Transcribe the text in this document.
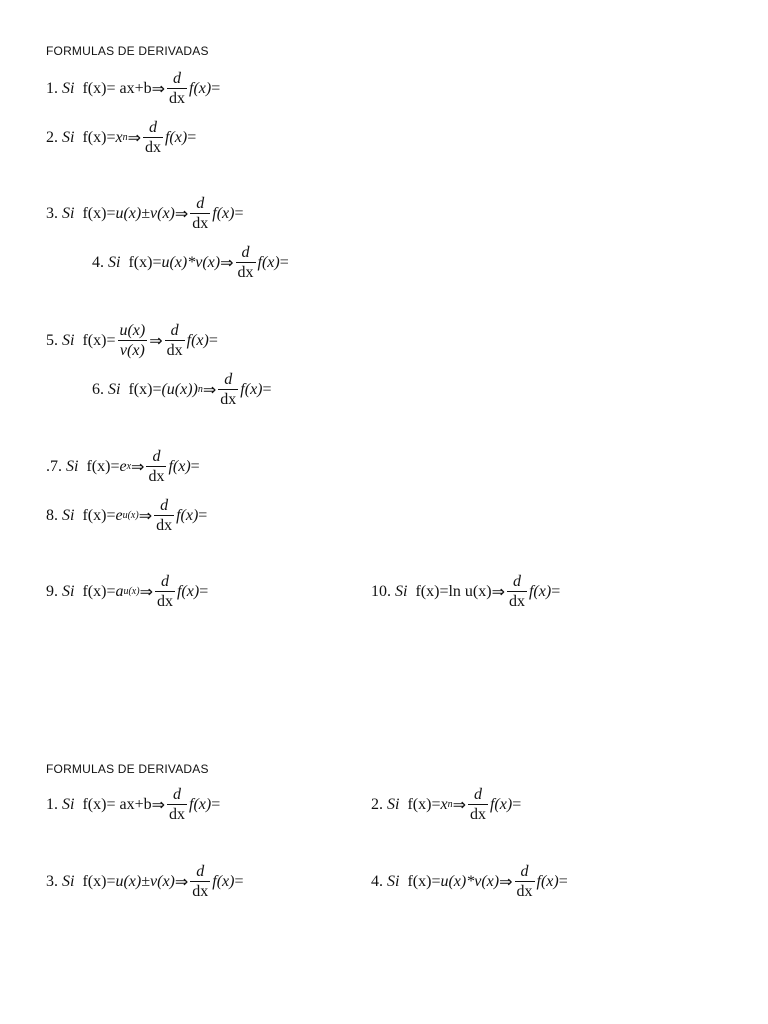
FORMULAS DE DERIVADAS
1. Si f(x) = ax+b ⇒ $\frac{d}{dx} f(x)$ =
2. Si f(x) = x n ⇒ $\frac{d}{dx} f(x)$ =
3. Si f(x) = u(x)±v(x) ⇒ $\frac{d}{dx} f(x)$ =
4. Si f(x) = u(x)*v(x) ⇒ $\frac{d}{dx} f(x)$ =
5. Si $f(x) = \frac{u(x)}{v(x)}$ ⇒ $\frac{d}{dx} f(x)$ =
6. Si f(x) = (u(x)) n ⇒ $\frac{d}{dx} f(x)$ =
.7. Si f(x) = e x ⇒ $\frac{d}{dx} f(x)$ =
8. Si f(x) = e u(x) ⇒ $\frac{d}{dx} f(x)$ =
9. Si f(x) = a u(x) ⇒ $\frac{d}{dx} f(x)$ =	10. Si f(x) = ln u(x) ⇒ $\frac{d}{dx} f(x)$ =
FORMULAS DE DERIVADAS
1. Si f(x) = ax+b ⇒ $\frac{d}{dx} f(x)$ =	2. Si f(x) = x n ⇒ $\frac{d}{dx} f(x)$ =
3. Si f(x) = u(x)±v(x) ⇒ $\frac{d}{dx} f(x)$ =	4. Si f(x) = u(x)*v(x) ⇒ $\frac{d}{dx} f(x)$ =
